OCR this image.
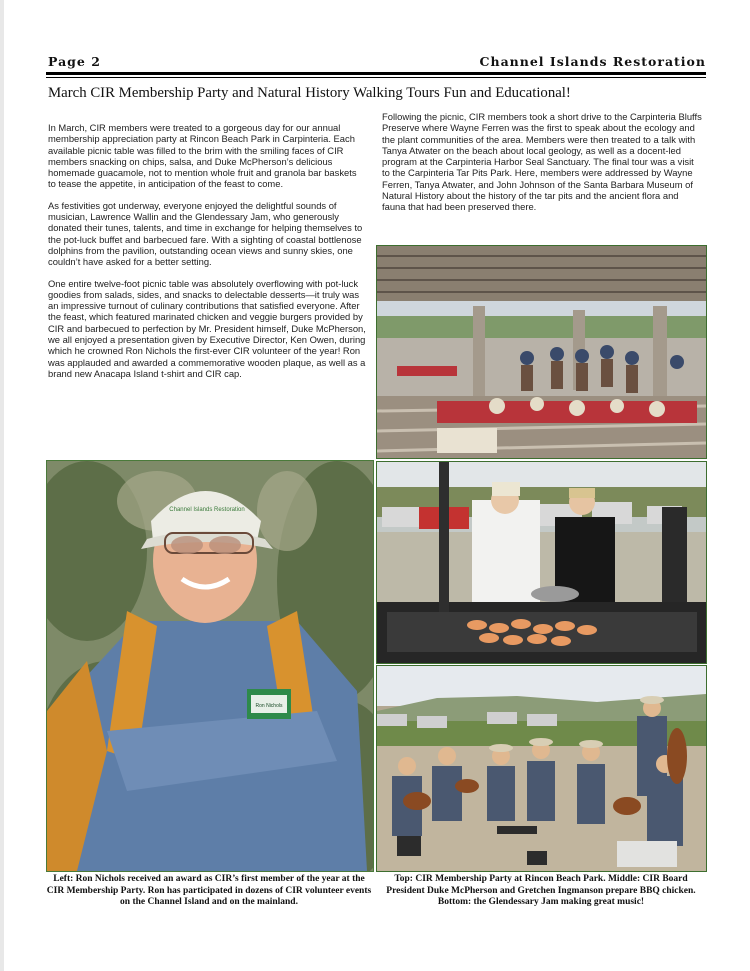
Page 2	Channel Islands Restoration
March CIR Membership Party and Natural History Walking Tours Fun and Educational!

In March, CIR members were treated to a gorgeous day for our annual membership appreciation party at Rincon Beach Park in Carpinteria. Each available picnic table was filled to the brim with the smiling faces of CIR members snacking on chips, salsa, and Duke McPherson’s delicious homemade guacamole, not to mention whole fruit and granola bar baskets to tease the appetite, in anticipation of the feast to come.

As festivities got underway, everyone enjoyed the delightful sounds of musician, Lawrence Wallin and the Glendessary Jam, who generously donated their tunes, talents, and time in exchange for helping themselves to the pot-luck buffet and barbecued fare. With a sighting of coastal bottlenose dolphins from the pavilion, outstanding ocean views and sunny skies, one couldn’t have asked for a better setting.

One entire twelve-foot picnic table was absolutely overflowing with pot-luck goodies from salads, sides, and snacks to delectable desserts—it truly was an impressive turnout of culinary contributions that satisfied everyone. After the feast, which featured marinated chicken and veggie burgers provided by CIR and barbecued to perfection by Mr. President himself, Duke McPherson, we all enjoyed a presentation given by Executive Director, Ken Owen, during which he crowned Ron Nichols the first-ever CIR volunteer of the year! Ron was applauded and awarded a commemorative wooden plaque, as well as a brand new Anacapa Island t-shirt and CIR cap.

Following the picnic, CIR members took a short drive to the Carpinteria Bluffs Preserve where Wayne Ferren was the first to speak about the ecology and the plant communities of the area. Members were then treated to a talk with Tanya Atwater on the beach about local geology, as well as a docent-led program at the Carpinteria Harbor Seal Sanctuary. The final tour was a visit to the Carpinteria Tar Pits Park. Here, members were addressed by Wayne Ferren, Tanya Atwater, and John Johnson of the Santa Barbara Museum of Natural History about the history of the tar pits and the ancient flora and fauna that had been preserved there.

Ron Nichols
Channel Islands Restoration
Left: Ron Nichols received an award as CIR’s first member of the year at the CIR Membership Party. Ron has participated in dozens of CIR volunteer events on the Channel Island and on the mainland.
Top: CIR Membership Party at Rincon Beach Park. Middle: CIR Board President Duke McPherson and Gretchen Ingmanson prepare BBQ chicken. Bottom: the Glendessary Jam making great music!
